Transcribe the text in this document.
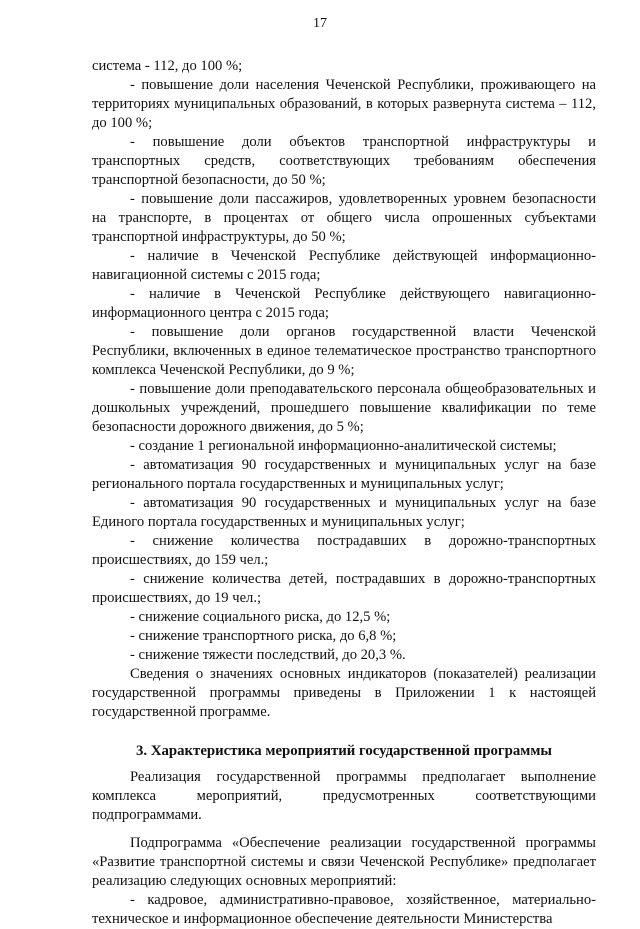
17

система - 112, до 100 %;

- повышение доли населения Чеченской Республики, проживающего на территориях муниципальных образований, в которых развернута система – 112, до 100 %;

- повышение доли объектов транспортной инфраструктуры и транспортных средств, соответствующих требованиям обеспечения транспортной безопасности, до 50 %;

- повышение доли пассажиров, удовлетворенных уровнем безопасности на транспорте, в процентах от общего числа опрошенных субъектами транспортной инфраструктуры, до 50 %;

- наличие в Чеченской Республике действующей информационно-навигационной системы с 2015 года;

- наличие в Чеченской Республике действующего навигационно-информационного центра с 2015 года;

- повышение доли органов государственной власти Чеченской Республики, включенных в единое телематическое пространство транспортного комплекса Чеченской Республики, до 9 %;

- повышение доли преподавательского персонала общеобразовательных и дошкольных учреждений, прошедшего повышение квалификации по теме безопасности дорожного движения, до 5 %;

- создание 1 региональной информационно-аналитической системы;

- автоматизация 90 государственных и муниципальных услуг на базе регионального портала государственных и муниципальных услуг;

- автоматизация 90 государственных и муниципальных услуг на базе Единого портала государственных и муниципальных услуг;

- снижение количества пострадавших в дорожно-транспортных происшествиях, до 159 чел.;

- снижение количества детей, пострадавших в дорожно-транспортных происшествиях, до 19 чел.;

- снижение социального риска, до 12,5 %;

- снижение транспортного риска, до 6,8 %;

- снижение тяжести последствий, до 20,3 %.

Сведения о значениях основных индикаторов (показателей) реализации государственной программы приведены в Приложении 1 к настоящей государственной программе.

3. Характеристика мероприятий государственной программы

Реализация государственной программы предполагает выполнение комплекса мероприятий, предусмотренных соответствующими подпрограммами.

Подпрограмма «Обеспечение реализации государственной программы «Развитие транспортной системы и связи Чеченской Республике» предполагает реализацию следующих основных мероприятий:

- кадровое, административно-правовое, хозяйственное, материально-техническое и информационное обеспечение деятельности Министерства
